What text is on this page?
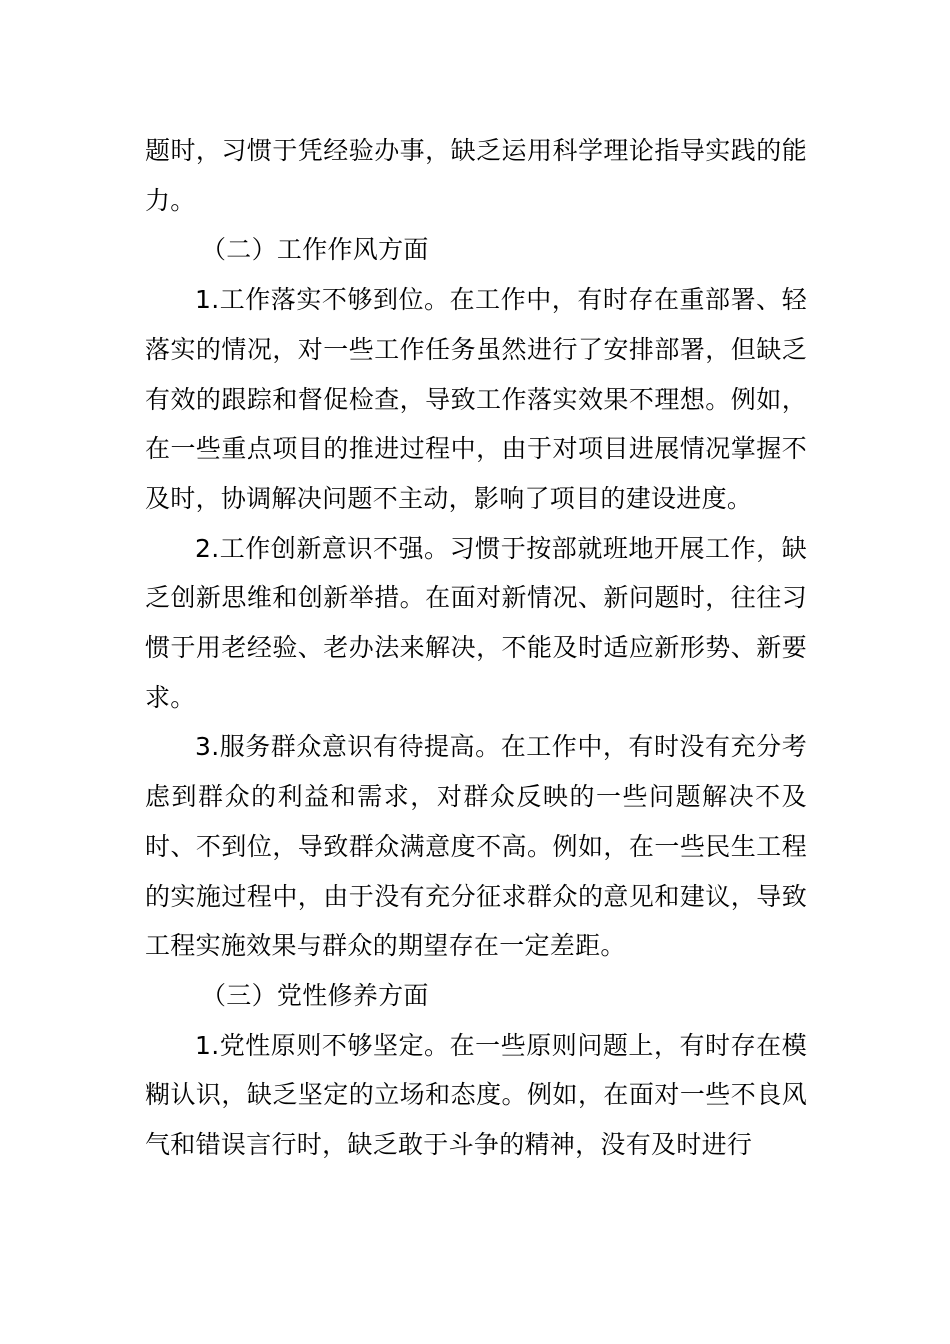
题时，习惯于凭经验办事，缺乏运用科学理论指导实践的能力。

（二）工作作风方面

1.工作落实不够到位。在工作中，有时存在重部署、轻落实的情况，对一些工作任务虽然进行了安排部署，但缺乏有效的跟踪和督促检查，导致工作落实效果不理想。例如，在一些重点项目的推进过程中，由于对项目进展情况掌握不及时，协调解决问题不主动，影响了项目的建设进度。

2.工作创新意识不强。习惯于按部就班地开展工作，缺乏创新思维和创新举措。在面对新情况、新问题时，往往习惯于用老经验、老办法来解决，不能及时适应新形势、新要求。

3.服务群众意识有待提高。在工作中，有时没有充分考虑到群众的利益和需求，对群众反映的一些问题解决不及时、不到位，导致群众满意度不高。例如，在一些民生工程的实施过程中，由于没有充分征求群众的意见和建议，导致工程实施效果与群众的期望存在一定差距。

（三）党性修养方面

1.党性原则不够坚定。在一些原则问题上，有时存在模糊认识，缺乏坚定的立场和态度。例如，在面对一些不良风气和错误言行时，缺乏敢于斗争的精神，没有及时进行
